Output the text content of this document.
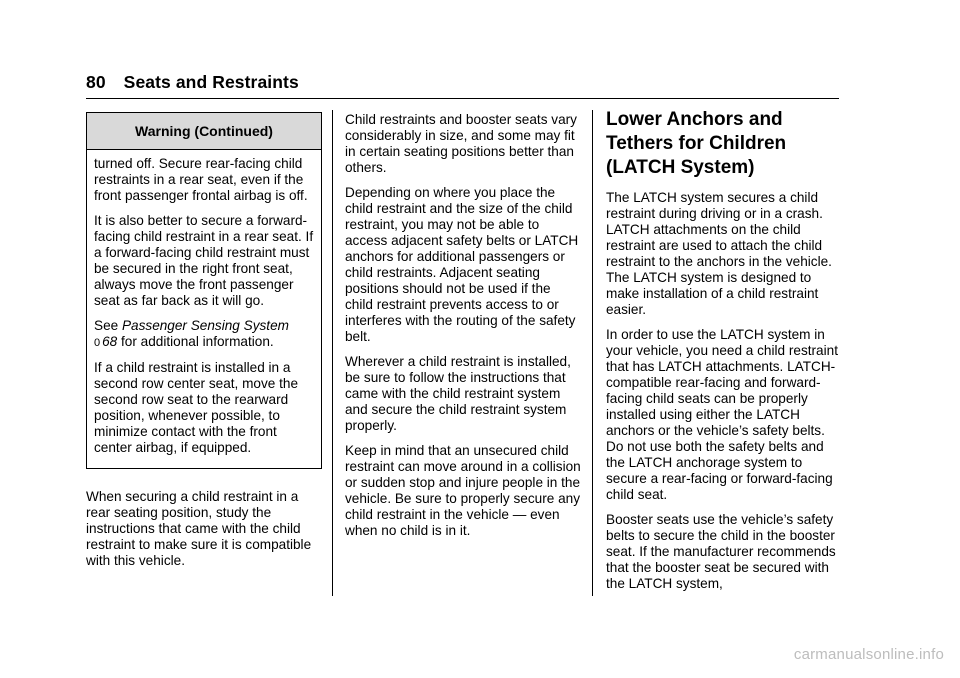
80 Seats and Restraints
Warning (Continued)

turned off. Secure rear-facing child restraints in a rear seat, even if the front passenger frontal airbag is off.

It is also better to secure a forward-facing child restraint in a rear seat. If a forward-facing child restraint must be secured in the right front seat, always move the front passenger seat as far back as it will go.

See Passenger Sensing System
0 68 for additional information.

If a child restraint is installed in a second row center seat, move the second row seat to the rearward position, whenever possible, to minimize contact with the front center airbag, if equipped.

When securing a child restraint in a rear seating position, study the instructions that came with the child restraint to make sure it is compatible with this vehicle.

Child restraints and booster seats vary considerably in size, and some may fit in certain seating positions better than others.

Depending on where you place the child restraint and the size of the child restraint, you may not be able to access adjacent safety belts or LATCH anchors for additional passengers or child restraints. Adjacent seating positions should not be used if the child restraint prevents access to or interferes with the routing of the safety belt.

Wherever a child restraint is installed, be sure to follow the instructions that came with the child restraint system and secure the child restraint system properly.

Keep in mind that an unsecured child restraint can move around in a collision or sudden stop and injure people in the vehicle. Be sure to properly secure any child restraint in the vehicle — even when no child is in it.

Lower Anchors and Tethers for Children (LATCH System)

The LATCH system secures a child restraint during driving or in a crash. LATCH attachments on the child restraint are used to attach the child restraint to the anchors in the vehicle. The LATCH system is designed to make installation of a child restraint easier.

In order to use the LATCH system in your vehicle, you need a child restraint that has LATCH attachments. LATCH-compatible rear-facing and forward-facing child seats can be properly installed using either the LATCH anchors or the vehicle’s safety belts. Do not use both the safety belts and the LATCH anchorage system to secure a rear-facing or forward-facing child seat.

Booster seats use the vehicle’s safety belts to secure the child in the booster seat. If the manufacturer recommends that the booster seat be secured with the LATCH system,

carmanualsonline.info
